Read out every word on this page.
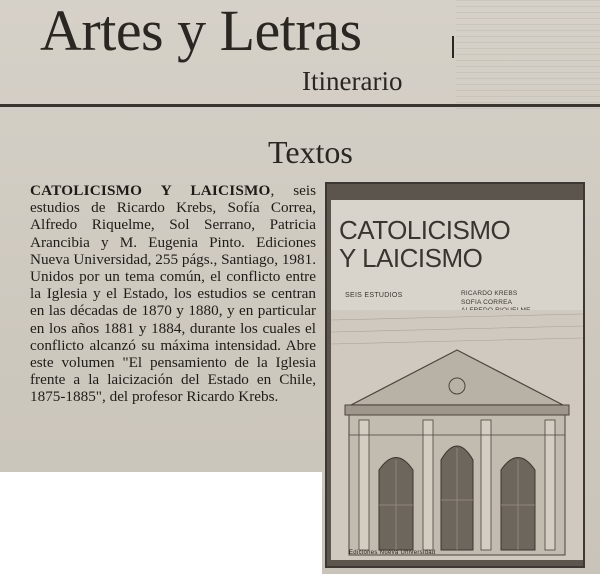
Artes y Letras
Itinerario
Textos

CATOLICISMO Y LAICISMO, seis estudios de Ricardo Krebs, Sofía Correa, Alfredo Riquelme, Sol Serrano, Patricia Arancibia y M. Eugenia Pinto. Ediciones Nueva Universidad, 255 págs., Santiago, 1981. Unidos por un tema común, el conflicto entre la Iglesia y el Estado, los estudios se centran en las décadas de 1870 y 1880, y en particular en los años 1881 y 1884, durante los cuales el conflicto alcanzó su máxima intensidad. Abre este volumen "El pensamiento de la Iglesia frente a la laicización del Estado en Chile, 1875-1885", del profesor Ricardo Krebs.

CATOLICISMO
Y LAICISMO
SEIS ESTUDIOS	RICARDO KREBS
SOFIA CORREA
Ediciones Nueva Universidad
